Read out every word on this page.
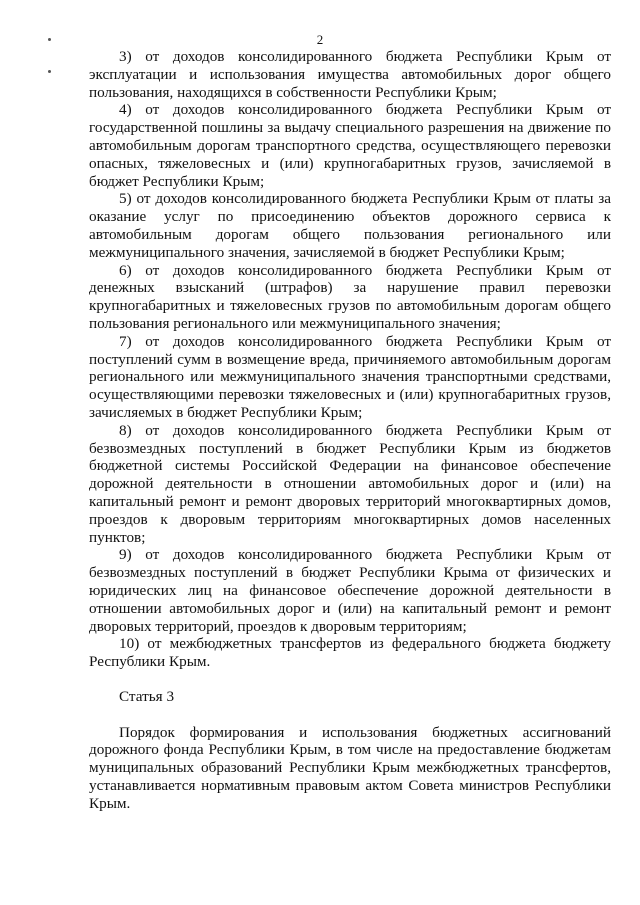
2

3) от доходов консолидированного бюджета Республики Крым от эксплуатации и использования имущества автомобильных дорог общего пользования, находящихся в собственности Республики Крым;

4) от доходов консолидированного бюджета Республики Крым от государственной пошлины за выдачу специального разрешения на движение по автомобильным дорогам транспортного средства, осуществляющего перевозки опасных, тяжеловесных и (или) крупногабаритных грузов, зачисляемой в бюджет Республики Крым;

5) от доходов консолидированного бюджета Республики Крым от платы за оказание услуг по присоединению объектов дорожного сервиса к автомобильным дорогам общего пользования регионального или межмуниципального значения, зачисляемой в бюджет Республики Крым;

6) от доходов консолидированного бюджета Республики Крым от денежных взысканий (штрафов) за нарушение правил перевозки крупногабаритных и тяжеловесных грузов по автомобильным дорогам общего пользования регионального или межмуниципального значения;

7) от доходов консолидированного бюджета Республики Крым от поступлений сумм в возмещение вреда, причиняемого автомобильным дорогам регионального или межмуниципального значения транспортными средствами, осуществляющими перевозки тяжеловесных и (или) крупногабаритных грузов, зачисляемых в бюджет Республики Крым;

8) от доходов консолидированного бюджета Республики Крым от безвозмездных поступлений в бюджет Республики Крым из бюджетов бюджетной системы Российской Федерации на финансовое обеспечение дорожной деятельности в отношении автомобильных дорог и (или) на капитальный ремонт и ремонт дворовых территорий многоквартирных домов, проездов к дворовым территориям многоквартирных домов населенных пунктов;

9) от доходов консолидированного бюджета Республики Крым от безвозмездных поступлений в бюджет Республики Крыма от физических и юридических лиц на финансовое обеспечение дорожной деятельности в отношении автомобильных дорог и (или) на капитальный ремонт и ремонт дворовых территорий, проездов к дворовым территориям;

10) от межбюджетных трансфертов из федерального бюджета бюджету Республики Крым.

Статья 3

Порядок формирования и использования бюджетных ассигнований дорожного фонда Республики Крым, в том числе на предоставление бюджетам муниципальных образований Республики Крым межбюджетных трансфертов, устанавливается нормативным правовым актом Совета министров Республики Крым.
